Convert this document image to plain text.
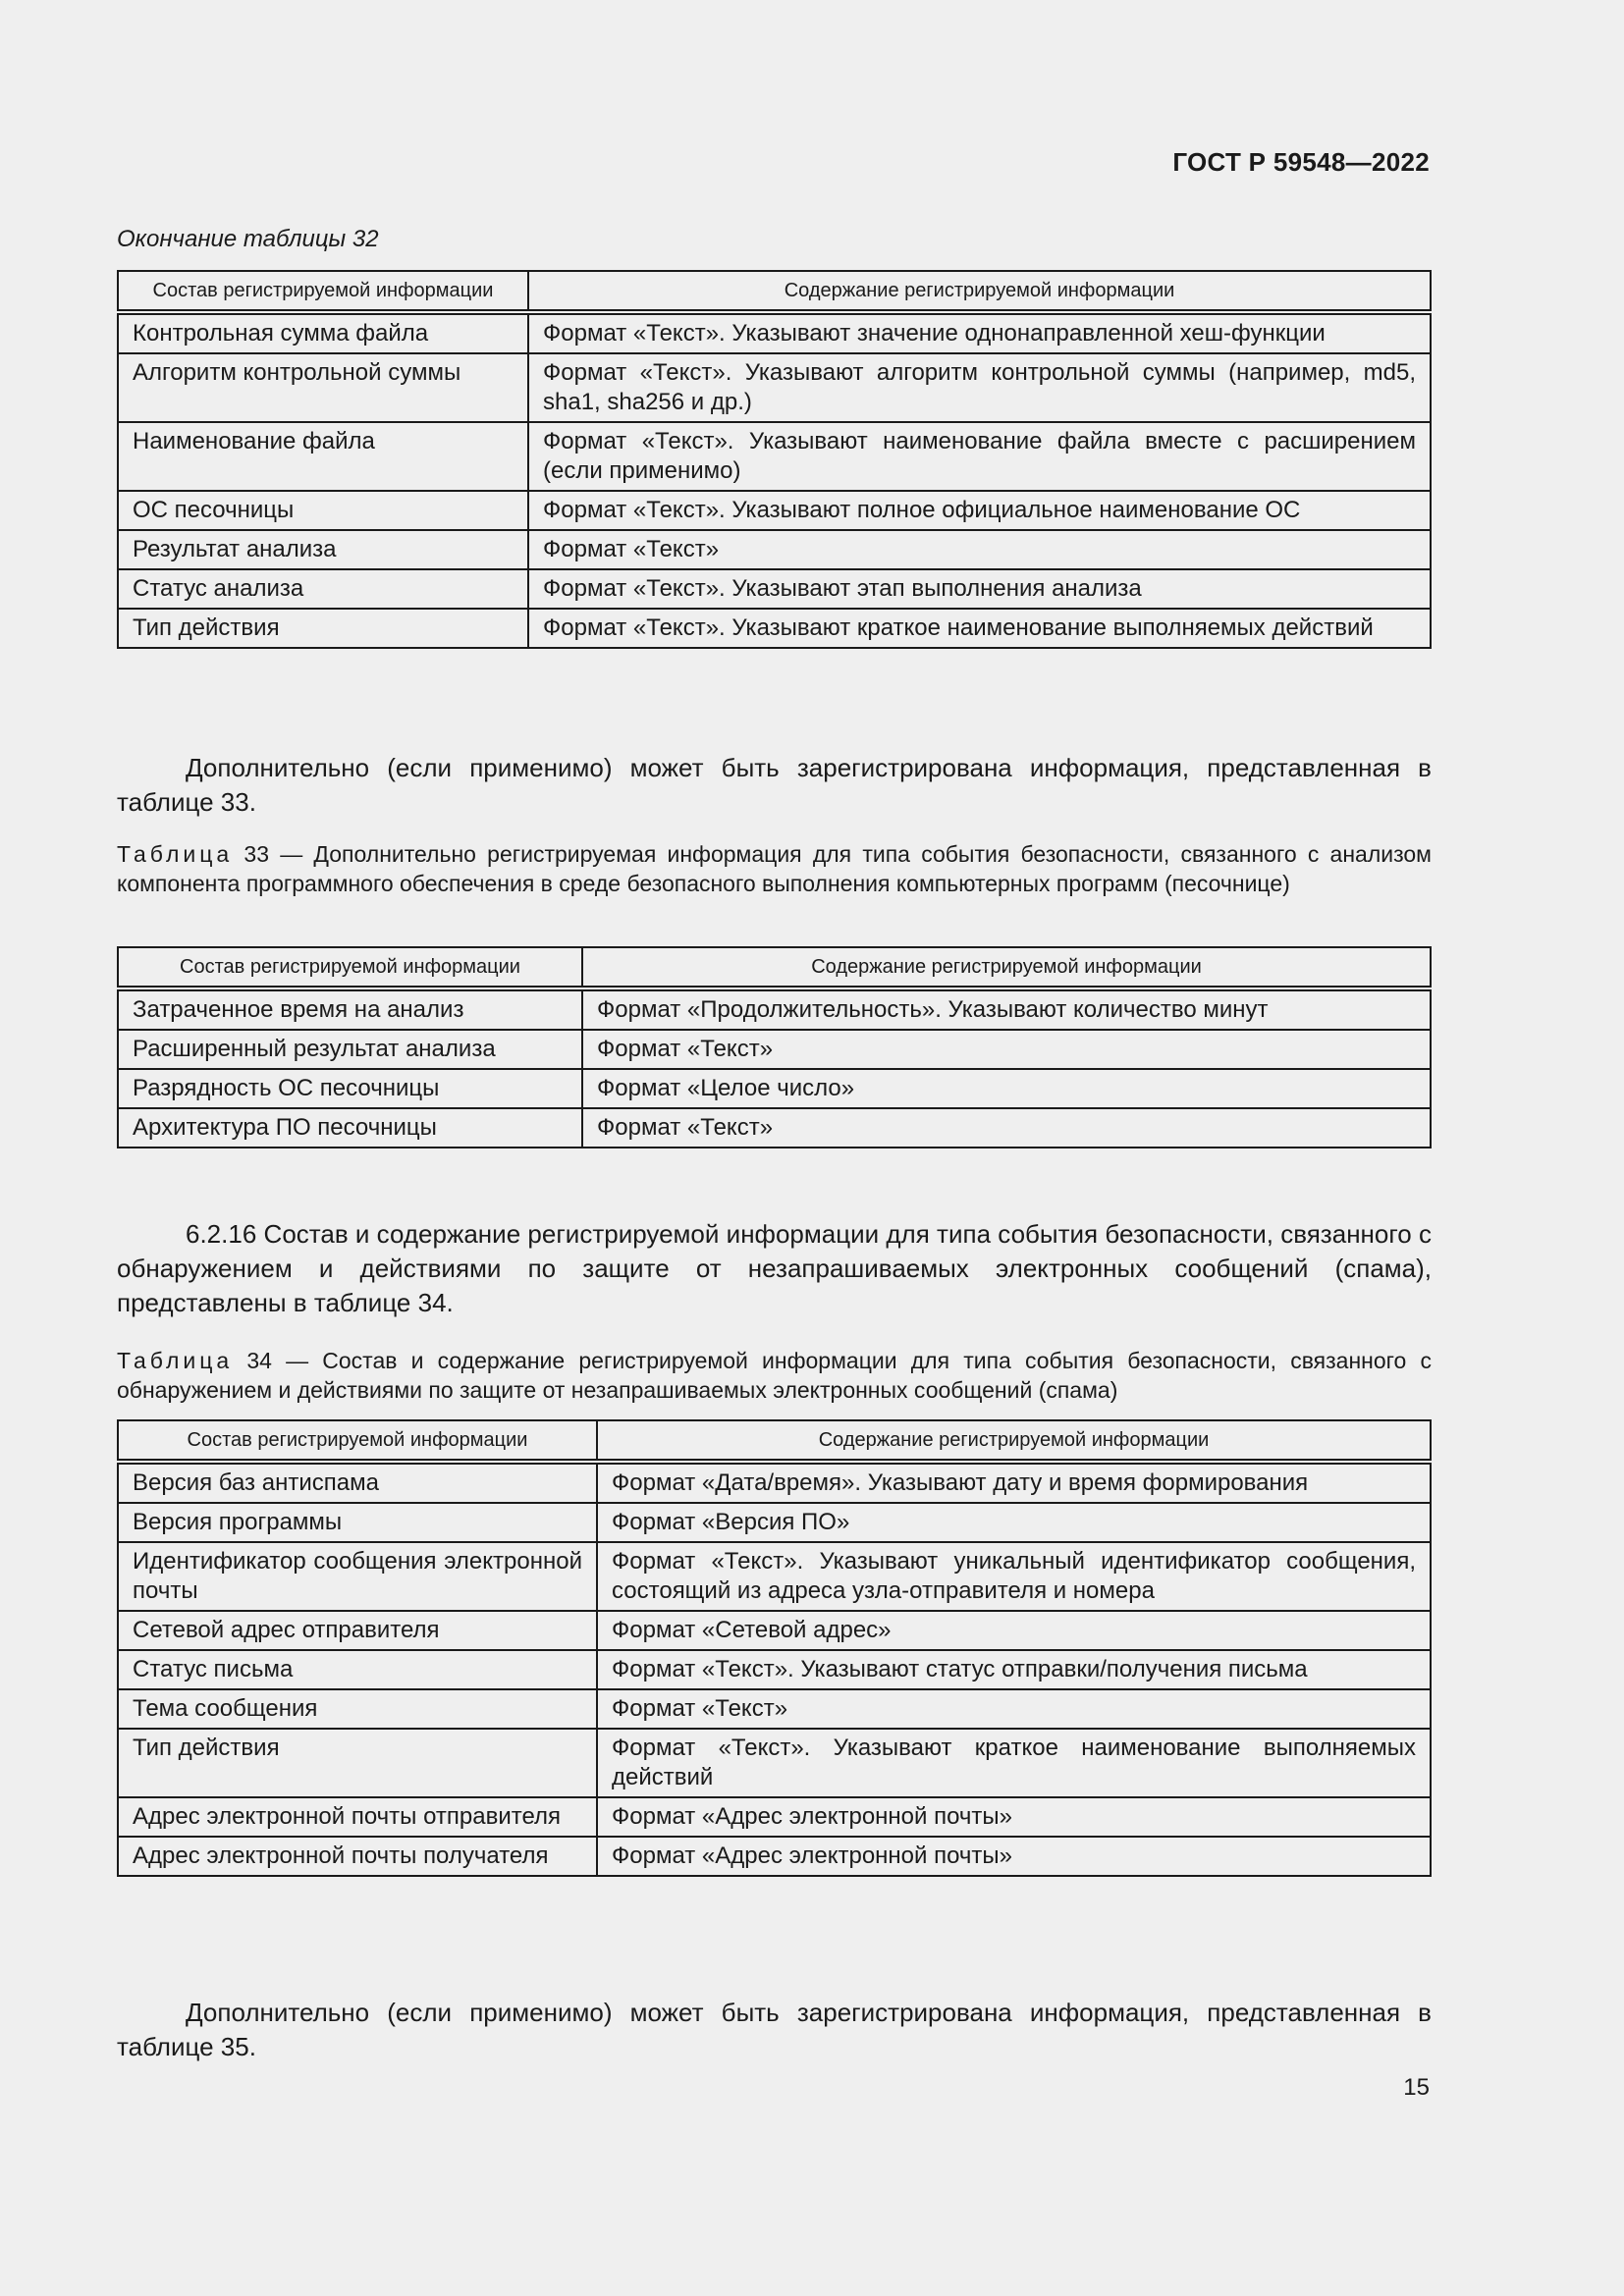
ГОСТ Р 59548—2022
Окончание таблицы 32
Состав регистрируемой информации	Содержание регистрируемой информации
Контрольная сумма файла	Формат «Текст». Указывают значение однонаправленной хеш-функции
Алгоритм контрольной суммы	Формат «Текст». Указывают алгоритм контрольной суммы (например, md5, sha1, sha256 и др.)
Наименование файла	Формат «Текст». Указывают наименование файла вместе с расширением (если применимо)
ОС песочницы	Формат «Текст». Указывают полное официальное наименование ОС
Результат анализа	Формат «Текст»
Статус анализа	Формат «Текст». Указывают этап выполнения анализа
Тип действия	Формат «Текст». Указывают краткое наименование выполняемых действий
Дополнительно (если применимо) может быть зарегистрирована информация, представленная в таблице 33.
Таблица 33 — Дополнительно регистрируемая информация для типа события безопасности, связанного с анализом компонента программного обеспечения в среде безопасного выполнения компьютерных программ (песочнице)
Состав регистрируемой информации	Содержание регистрируемой информации
Затраченное время на анализ	Формат «Продолжительность». Указывают количество минут
Расширенный результат анализа	Формат «Текст»
Разрядность ОС песочницы	Формат «Целое число»
Архитектура ПО песочницы	Формат «Текст»
6.2.16 Состав и содержание регистрируемой информации для типа события безопасности, связанного с обнаружением и действиями по защите от незапрашиваемых электронных сообщений (спама), представлены в таблице 34.
Таблица 34 — Состав и содержание регистрируемой информации для типа события безопасности, связанного с обнаружением и действиями по защите от незапрашиваемых электронных сообщений (спама)
Состав регистрируемой информации	Содержание регистрируемой информации
Версия баз антиспама	Формат «Дата/время». Указывают дату и время формирования
Версия программы	Формат «Версия ПО»
Идентификатор сообщения электронной почты	Формат «Текст». Указывают уникальный идентификатор сообщения, состоящий из адреса узла-отправителя и номера
Сетевой адрес отправителя	Формат «Сетевой адрес»
Статус письма	Формат «Текст». Указывают статус отправки/получения письма
Тема сообщения	Формат «Текст»
Тип действия	Формат «Текст». Указывают краткое наименование выполняемых действий
Адрес электронной почты отправителя	Формат «Адрес электронной почты»
Адрес электронной почты получателя	Формат «Адрес электронной почты»
Дополнительно (если применимо) может быть зарегистрирована информация, представленная в таблице 35.
15
